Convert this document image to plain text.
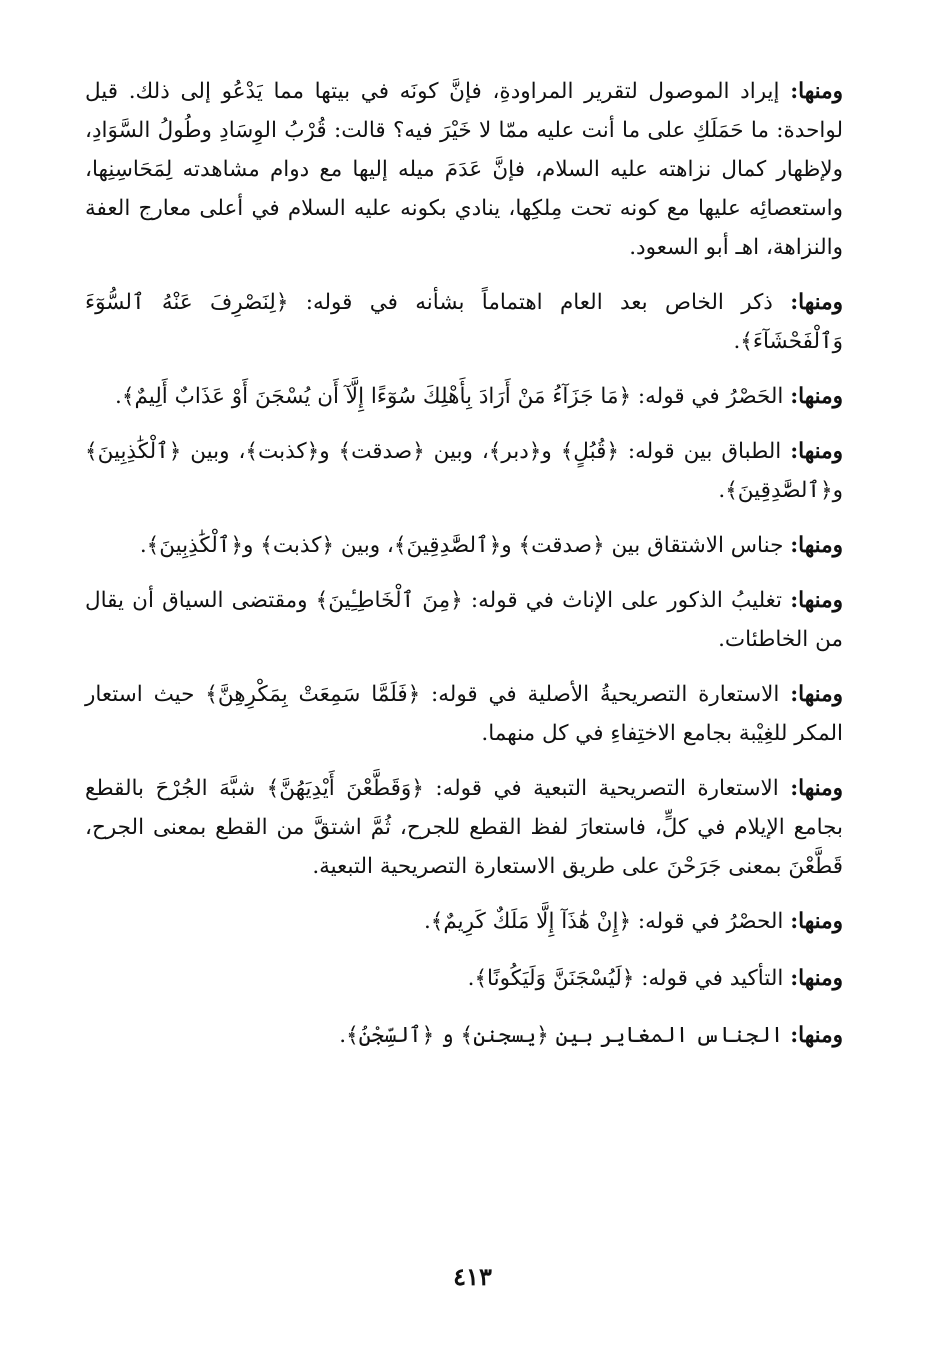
ومنها: إيراد الموصول لتقرير المراودةِ، فإنَّ كونَه في بيتها مما يَدْعُو إلى ذلك. قيل لواحدة: ما حَمَلَكِ على ما أنت عليه ممّا لا خَيْرَ فيه؟ قالت: قُرْبُ الوِسَادِ وطُولُ السَّوَادِ، ولإظهار كمال نزاهته عليه السلام، فإنَّ عَدَمَ ميله إليها مع دوام مشاهدته لِمَحَاسِنِها، واستعصائِه عليها مع كونه تحت مِلكِها، ينادي بكونه عليه السلام في أعلى معارج العفة والنزاهة، اهـ أبو السعود.

ومنها: ذكر الخاص بعد العام اهتماماً بشأنه في قوله: ﴿لِنَصْرِفَ عَنْهُ ٱلسُّوٓءَ وَٱلْفَحْشَآءَ﴾.

ومنها: الحَصْرُ في قوله: ﴿مَا جَزَآءُ مَنْ أَرَادَ بِأَهْلِكَ سُوٓءًا إِلَّآ أَن يُسْجَنَ أَوْ عَذَابٌ أَلِيمٌ﴾.

ومنها: الطباق بين قوله: ﴿قُبُلٍ﴾ و﴿دبر﴾، وبين ﴿صدقت﴾ و﴿كذبت﴾، وبين ﴿ٱلْكَٰذِبِينَ﴾ و﴿ٱلصَّٰدِقِينَ﴾.

ومنها: جناس الاشتقاق بين ﴿صدقت﴾ و﴿ٱلصَّٰدِقِينَ﴾، وبين ﴿كذبت﴾ و﴿ٱلْكَٰذِبِينَ﴾.

ومنها: تغليبُ الذكور على الإناث في قوله: ﴿مِنَ ٱلْخَاطِـِٔينَ﴾ ومقتضى السياق أن يقال من الخاطئات.

ومنها: الاستعارة التصريحيةُ الأصلية في قوله: ﴿فَلَمَّا سَمِعَتْ بِمَكْرِهِنَّ﴾ حيث استعار المكر للغِيْبة بجامع الاختِفاءِ في كل منهما.

ومنها: الاستعارة التصريحية التبعية في قوله: ﴿وَقَطَّعْنَ أَيْدِيَهُنَّ﴾ شبَّهَ الجُرْحَ بالقطع بجامع الإيلام في كلٍّ، فاستعارَ لفظ القطع للجرح، ثُمَّ اشتقَّ من القطع بمعنى الجرح، قَطَّعْنَ بمعنى جَرَحْنَ على طريق الاستعارة التصريحية التبعية.

ومنها: الحصْرُ في قوله: ﴿إِنْ هَٰذَآ إِلَّا مَلَكٌ كَرِيمٌ﴾.

ومنها: التأكيد في قوله: ﴿لَيُسْجَنَنَّ وَلَيَكُونًا﴾.

ومنها: الجناس المغاير بين ﴿يسجنن﴾ و ﴿ٱلسِّجْنُ﴾.

٤١٣
